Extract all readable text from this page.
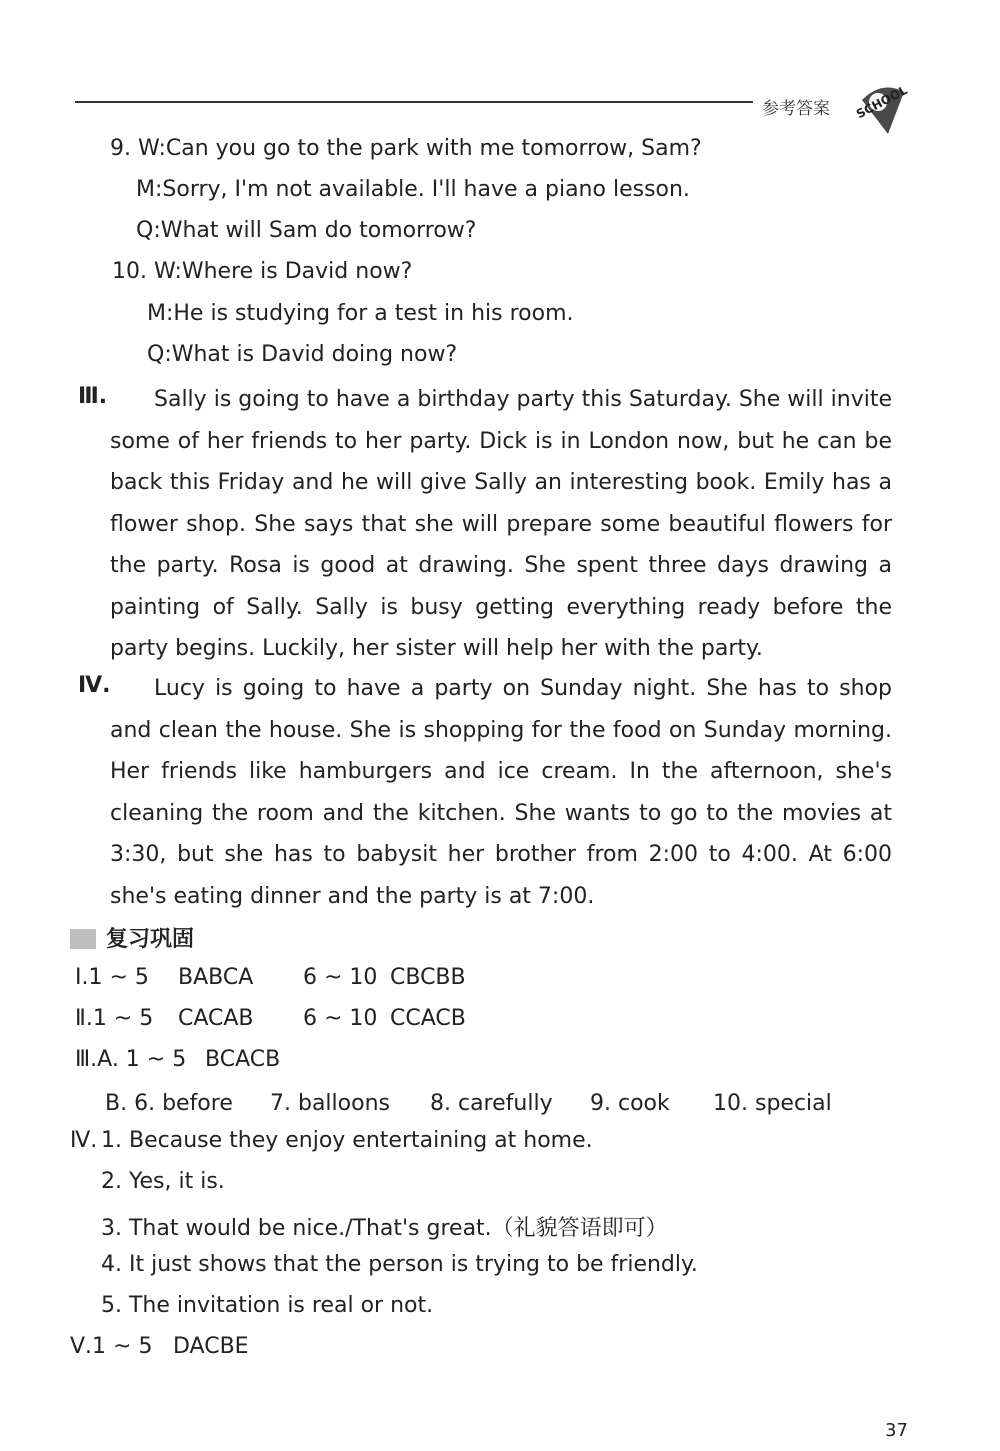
参考答案 SCHOOL
9. W:Can you go to the park with me tomorrow, Sam?
M:Sorry, I'm not available. I'll have a piano lesson.
Q:What will Sam do tomorrow?
10. W:Where is David now?
M:He is studying for a test in his room.
Q:What is David doing now?
Ⅲ.	Sally is going to have a birthday party this Saturday. She will invite some of her friends to her party. Dick is in London now, but he can be back this Friday and he will give Sally an interesting book. Emily has a flower shop. She says that she will prepare some beautiful flowers for the party. Rosa is good at drawing. She spent three days drawing a painting of Sally. Sally is busy getting everything ready before the party begins. Luckily, her sister will help her with the party.
Ⅳ.	Lucy is going to have a party on Sunday night. She has to shop and clean the house. She is shopping for the food on Sunday morning. Her friends like hamburgers and ice cream. In the afternoon, she's cleaning the room and the kitchen. She wants to go to the movies at 3:30, but she has to babysit her brother from 2:00 to 4:00. At 6:00 she's eating dinner and the party is at 7:00.
复习巩固
Ⅰ.1 ~ 5 BABCA 6 ~ 10 CBCBB
Ⅱ.1 ~ 5 CACAB 6 ~ 10 CCACB
Ⅲ.A. 1 ~ 5 BCACB
B. 6. before 7. balloons 8. carefully 9. cook 10. special
Ⅳ. 1. Because they enjoy entertaining at home.
2. Yes, it is.
3. That would be nice./That's great.（礼貌答语即可）
4. It just shows that the person is trying to be friendly.
5. The invitation is real or not.
Ⅴ.1 ~ 5 DACBE
37
